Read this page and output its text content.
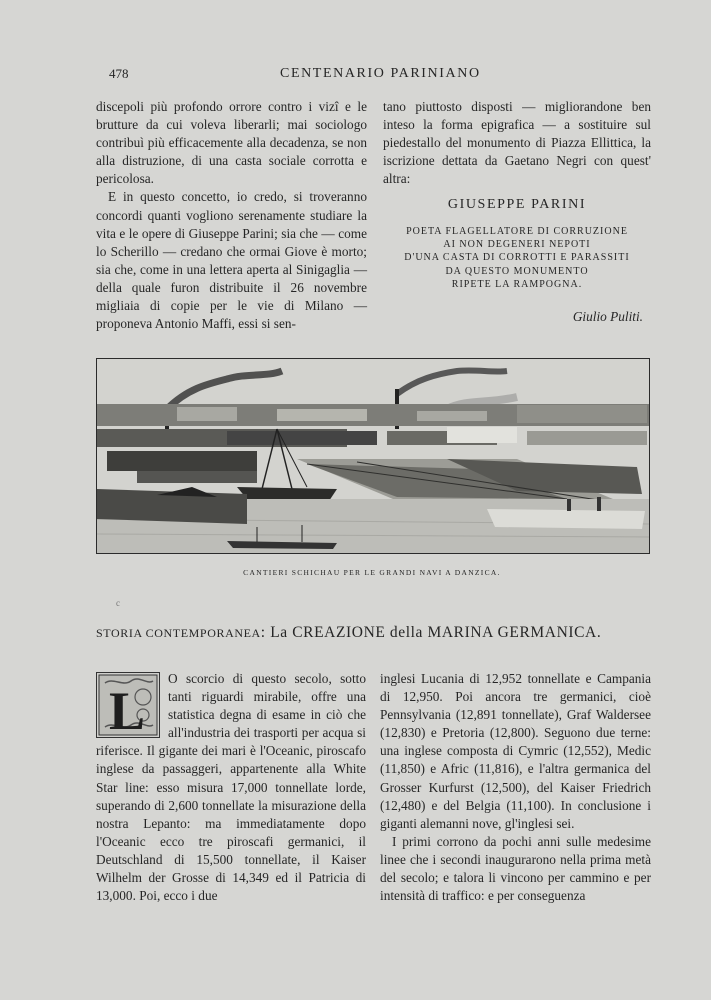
478	CENTENARIO PARINIANO

discepoli più profondo orrore contro i vizî e le brutture da cui voleva liberarli; mai sociologo contribuì più efficacemente alla decadenza, se non alla distruzione, di una casta sociale corrotta e pericolosa.

E in questo concetto, io credo, si troveranno concordi quanti vogliono serenamente studiare la vita e le opere di Giuseppe Parini; sia che — come lo Scherillo — credano che ormai Giove è morto; sia che, come in una lettera aperta al Sinigaglia — della quale furon distribuite il 26 novembre migliaia di copie per le vie di Milano — proponeva Antonio Maffi, essi si sen-

tano piuttosto disposti — migliorandone ben inteso la forma epigrafica — a sostituire sul piedestallo del monumento di Piazza Ellittica, la iscrizione dettata da Gaetano Negri con quest' altra:

GIUSEPPE PARINI
POETA FLAGELLATORE DI CORRUZIONE
AI NON DEGENERI NEPOTI
D'UNA CASTA DI CORROTTI E PARASSITI
DA QUESTO MONUMENTO
RIPETE LA RAMPOGNA.
Giulio Puliti.
CANTIERI SCHICHAU PER LE GRANDI NAVI A DANZICA.
c
STORIA CONTEMPORANEA: La CREAZIONE della MARINA GERMANICA.
L

O scorcio di questo secolo, sotto tanti riguardi mirabile, offre una statistica degna di esame in ciò che all'industria dei trasporti per acqua si riferisce. Il gigante dei mari è l'Oceanic, piroscafo inglese da passaggeri, appartenente alla White Star line: esso misura 17,000 tonnellate lorde, superando di 2,600 tonnellate la misurazione della nostra Lepanto: ma immediatamente dopo l'Oceanic ecco tre piroscafi germanici, il Deutschland di 15,500 tonnellate, il Kaiser Wilhelm der Grosse di 14,349 ed il Patricia di 13,000. Poi, ecco i due

inglesi Lucania di 12,952 tonnellate e Campania di 12,950. Poi ancora tre germanici, cioè Pennsylvania (12,891 tonnellate), Graf Waldersee (12,830) e Pretoria (12,800). Seguono due terne: una inglese composta di Cymric (12,552), Medic (11,850) e Afric (11,816), e l'altra germanica del Grosser Kurfurst (12,500), del Kaiser Friedrich (12,480) e del Belgia (11,100). In conclusione i giganti alemanni nove, gl'inglesi sei.

I primi corrono da pochi anni sulle medesime linee che i secondi inaugurarono nella prima metà del secolo; e talora li vincono per cammino e per intensità di traffico: e per conseguenza
